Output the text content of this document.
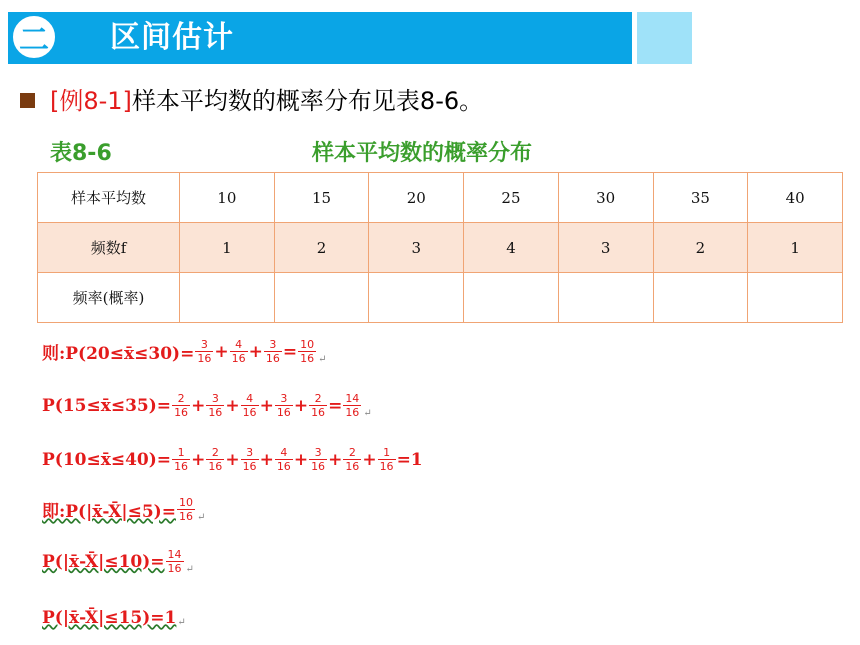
二	区间估计
[例8-1]样本平均数的概率分布见表8-6。
表8-6	样本平均数的概率分布
样本平均数	10	15	20	25	30	35	40
频数f	1	2	3	4	3	2	1
频率(概率)							
则:P(20≤x̄≤30)= $\frac{3}{16} + \frac{4}{16} + \frac{3}{16} = \frac{10}{16}$ ↵
P(15≤x̄≤35)= $\frac{2}{16} + \frac{3}{16} + \frac{4}{16} + \frac{3}{16} + \frac{2}{16} = \frac{14}{16}$ ↵
P(10≤x̄≤40)= $\frac{1}{16} + \frac{2}{16} + \frac{3}{16} + \frac{4}{16} + \frac{3}{16} + \frac{2}{16} + \frac{1}{16} =1$
即:P(|x̄-X̄|≤5)= $\frac{10}{16}$ ↵
P(|x̄-X̄|≤10)= $\frac{14}{16}$ ↵
P(|x̄-X̄|≤15)=1 ↵
